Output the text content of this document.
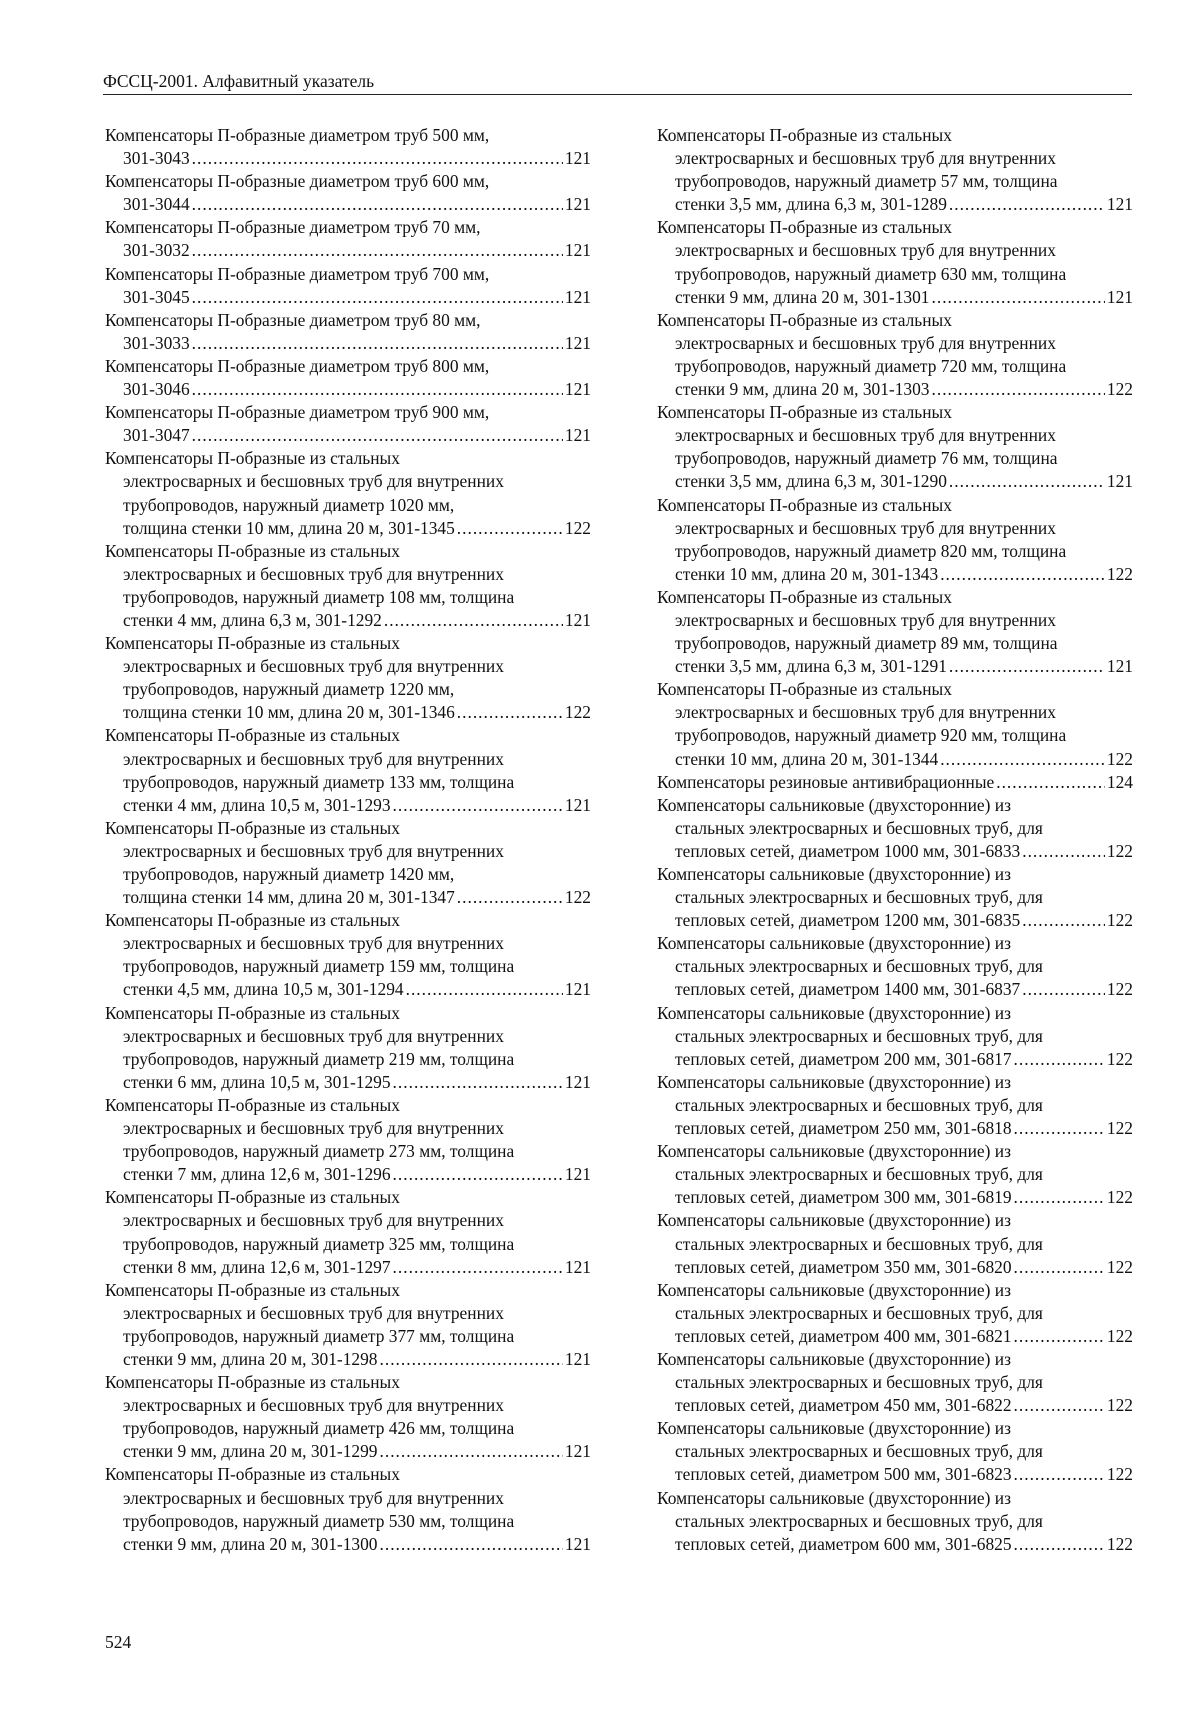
ФССЦ-2001. Алфавитный указатель
Компенсаторы П-образные диаметром труб 500 мм,
301-3043 .....	121
Компенсаторы П-образные диаметром труб 600 мм,
301-3044 .....	121
Компенсаторы П-образные диаметром труб 70 мм,
301-3032 .....	121
Компенсаторы П-образные диаметром труб 700 мм,
301-3045 .....	121
Компенсаторы П-образные диаметром труб 80 мм,
301-3033 .....	121
Компенсаторы П-образные диаметром труб 800 мм,
301-3046 .....	121
Компенсаторы П-образные диаметром труб 900 мм,
301-3047 .....	121
Компенсаторы П-образные из стальных
электросварных и бесшовных труб для внутренних
трубопроводов, наружный диаметр 1020 мм,
толщина стенки 10 мм, длина 20 м, 301-1345 .....	122
Компенсаторы П-образные из стальных
электросварных и бесшовных труб для внутренних
трубопроводов, наружный диаметр 108 мм, толщина
стенки 4 мм, длина 6,3 м, 301-1292 .....	121
Компенсаторы П-образные из стальных
электросварных и бесшовных труб для внутренних
трубопроводов, наружный диаметр 1220 мм,
толщина стенки 10 мм, длина 20 м, 301-1346 .....	122
Компенсаторы П-образные из стальных
электросварных и бесшовных труб для внутренних
трубопроводов, наружный диаметр 133 мм, толщина
стенки 4 мм, длина 10,5 м, 301-1293 .....	121
Компенсаторы П-образные из стальных
электросварных и бесшовных труб для внутренних
трубопроводов, наружный диаметр 1420 мм,
толщина стенки 14 мм, длина 20 м, 301-1347 .....	122
Компенсаторы П-образные из стальных
электросварных и бесшовных труб для внутренних
трубопроводов, наружный диаметр 159 мм, толщина
стенки 4,5 мм, длина 10,5 м, 301-1294 .....	121
Компенсаторы П-образные из стальных
электросварных и бесшовных труб для внутренних
трубопроводов, наружный диаметр 219 мм, толщина
стенки 6 мм, длина 10,5 м, 301-1295 .....	121
Компенсаторы П-образные из стальных
электросварных и бесшовных труб для внутренних
трубопроводов, наружный диаметр 273 мм, толщина
стенки 7 мм, длина 12,6 м, 301-1296 .....	121
Компенсаторы П-образные из стальных
электросварных и бесшовных труб для внутренних
трубопроводов, наружный диаметр 325 мм, толщина
стенки 8 мм, длина 12,6 м, 301-1297 .....	121
Компенсаторы П-образные из стальных
электросварных и бесшовных труб для внутренних
трубопроводов, наружный диаметр 377 мм, толщина
стенки 9 мм, длина 20 м, 301-1298 .....	121
Компенсаторы П-образные из стальных
электросварных и бесшовных труб для внутренних
трубопроводов, наружный диаметр 426 мм, толщина
стенки 9 мм, длина 20 м, 301-1299 .....	121
Компенсаторы П-образные из стальных
электросварных и бесшовных труб для внутренних
трубопроводов, наружный диаметр 530 мм, толщина
стенки 9 мм, длина 20 м, 301-1300 .....	121
Компенсаторы П-образные из стальных
электросварных и бесшовных труб для внутренних
трубопроводов, наружный диаметр 57 мм, толщина
стенки 3,5 мм, длина 6,3 м, 301-1289 .....	121
Компенсаторы П-образные из стальных
электросварных и бесшовных труб для внутренних
трубопроводов, наружный диаметр 630 мм, толщина
стенки 9 мм, длина 20 м, 301-1301 .....	121
Компенсаторы П-образные из стальных
электросварных и бесшовных труб для внутренних
трубопроводов, наружный диаметр 720 мм, толщина
стенки 9 мм, длина 20 м, 301-1303 .....	122
Компенсаторы П-образные из стальных
электросварных и бесшовных труб для внутренних
трубопроводов, наружный диаметр 76 мм, толщина
стенки 3,5 мм, длина 6,3 м, 301-1290 .....	121
Компенсаторы П-образные из стальных
электросварных и бесшовных труб для внутренних
трубопроводов, наружный диаметр 820 мм, толщина
стенки 10 мм, длина 20 м, 301-1343 .....	122
Компенсаторы П-образные из стальных
электросварных и бесшовных труб для внутренних
трубопроводов, наружный диаметр 89 мм, толщина
стенки 3,5 мм, длина 6,3 м, 301-1291 .....	121
Компенсаторы П-образные из стальных
электросварных и бесшовных труб для внутренних
трубопроводов, наружный диаметр 920 мм, толщина
стенки 10 мм, длина 20 м, 301-1344 .....	122
Компенсаторы резиновые антивибрационные .....	124
Компенсаторы сальниковые (двухсторонние) из
стальных электросварных и бесшовных труб, для
тепловых сетей, диаметром 1000 мм, 301-6833 .....	122
Компенсаторы сальниковые (двухсторонние) из
стальных электросварных и бесшовных труб, для
тепловых сетей, диаметром 1200 мм, 301-6835 .....	122
Компенсаторы сальниковые (двухсторонние) из
стальных электросварных и бесшовных труб, для
тепловых сетей, диаметром 1400 мм, 301-6837 .....	122
Компенсаторы сальниковые (двухсторонние) из
стальных электросварных и бесшовных труб, для
тепловых сетей, диаметром 200 мм, 301-6817 .....	122
Компенсаторы сальниковые (двухсторонние) из
стальных электросварных и бесшовных труб, для
тепловых сетей, диаметром 250 мм, 301-6818 .....	122
Компенсаторы сальниковые (двухсторонние) из
стальных электросварных и бесшовных труб, для
тепловых сетей, диаметром 300 мм, 301-6819 .....	122
Компенсаторы сальниковые (двухсторонние) из
стальных электросварных и бесшовных труб, для
тепловых сетей, диаметром 350 мм, 301-6820 .....	122
Компенсаторы сальниковые (двухсторонние) из
стальных электросварных и бесшовных труб, для
тепловых сетей, диаметром 400 мм, 301-6821 .....	122
Компенсаторы сальниковые (двухсторонние) из
стальных электросварных и бесшовных труб, для
тепловых сетей, диаметром 450 мм, 301-6822 .....	122
Компенсаторы сальниковые (двухсторонние) из
стальных электросварных и бесшовных труб, для
тепловых сетей, диаметром 500 мм, 301-6823 .....	122
Компенсаторы сальниковые (двухсторонние) из
стальных электросварных и бесшовных труб, для
тепловых сетей, диаметром 600 мм, 301-6825 .....	122
524
